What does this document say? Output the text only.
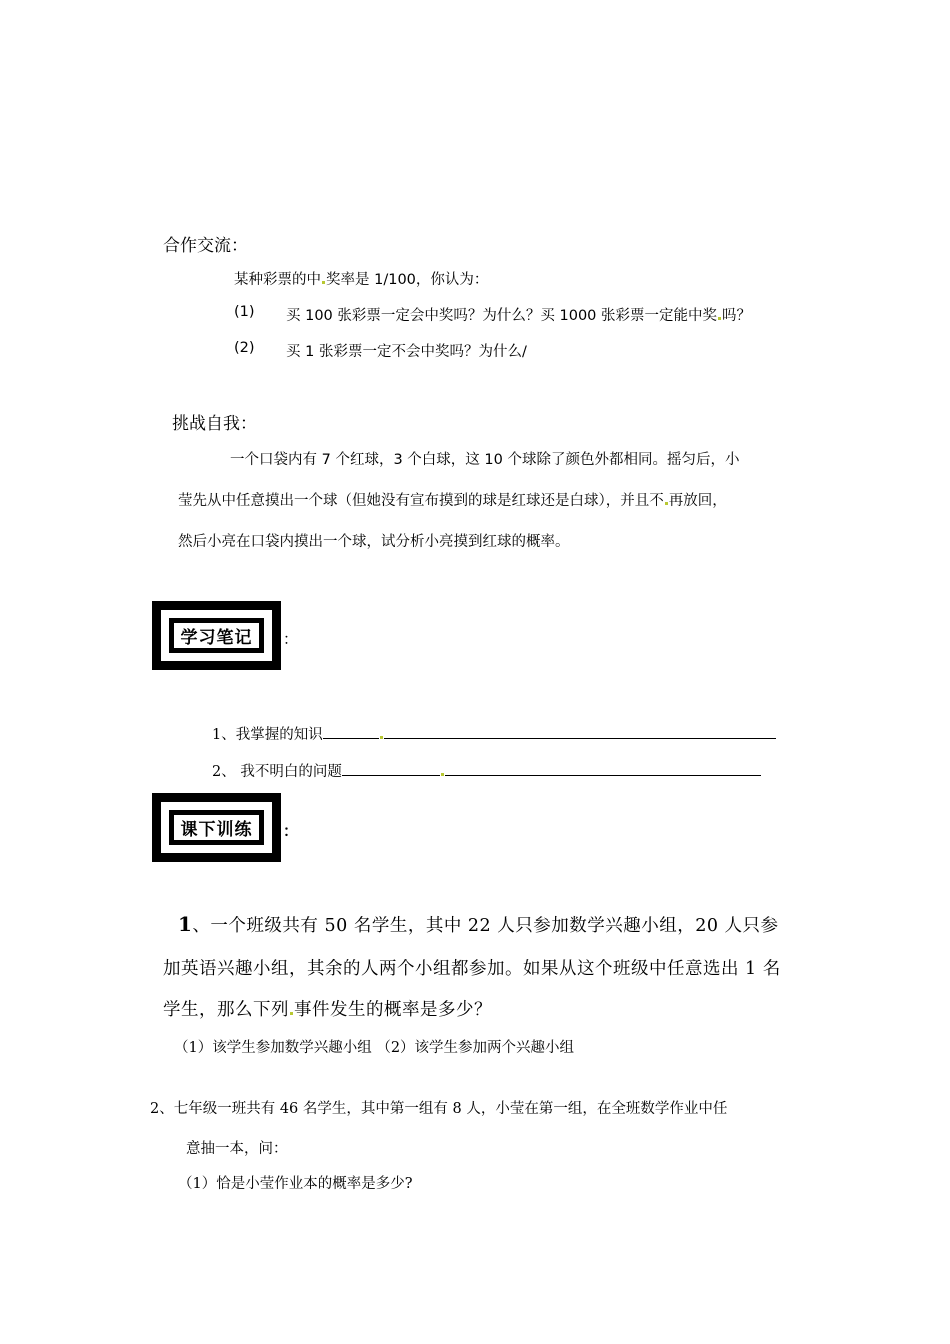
合作交流：
某种彩票的中 奖率是 1/100，你认为：
(1) 买 100 张彩票一定会中奖吗？为什么？买 1000 张彩票一定能中奖 吗？
(2) 买 1 张彩票一定不会中奖吗？为什么/
挑战自我：
一个口袋内有 7 个红球，3 个白球，这 10 个球除了颜色外都相同。摇匀后，小
莹先从中任意摸出一个球（但她没有宣布摸到的球是红球还是白球），并且不 再放回，
然后小亮在口袋内摸出一个球，试分析小亮摸到红球的概率。
学习笔记	：
1、我掌握的知识
2、 我不明白的问题
课下训练	：
1、一个班级共有 50 名学生，其中 22 人只参加数学兴趣小组，20 人只参
加英语兴趣小组，其余的人两个小组都参加。如果从这个班级中任意选出 1 名
学生，那么下列 事件发生的概率是多少？
（1）该学生参加数学兴趣小组 （2）该学生参加两个兴趣小组
2、七年级一班共有 46 名学生，其中第一组有 8 人，小莹在第一组，在全班数学作业中任
意抽一本，问：
（1）恰是小莹作业本的概率是多少?
